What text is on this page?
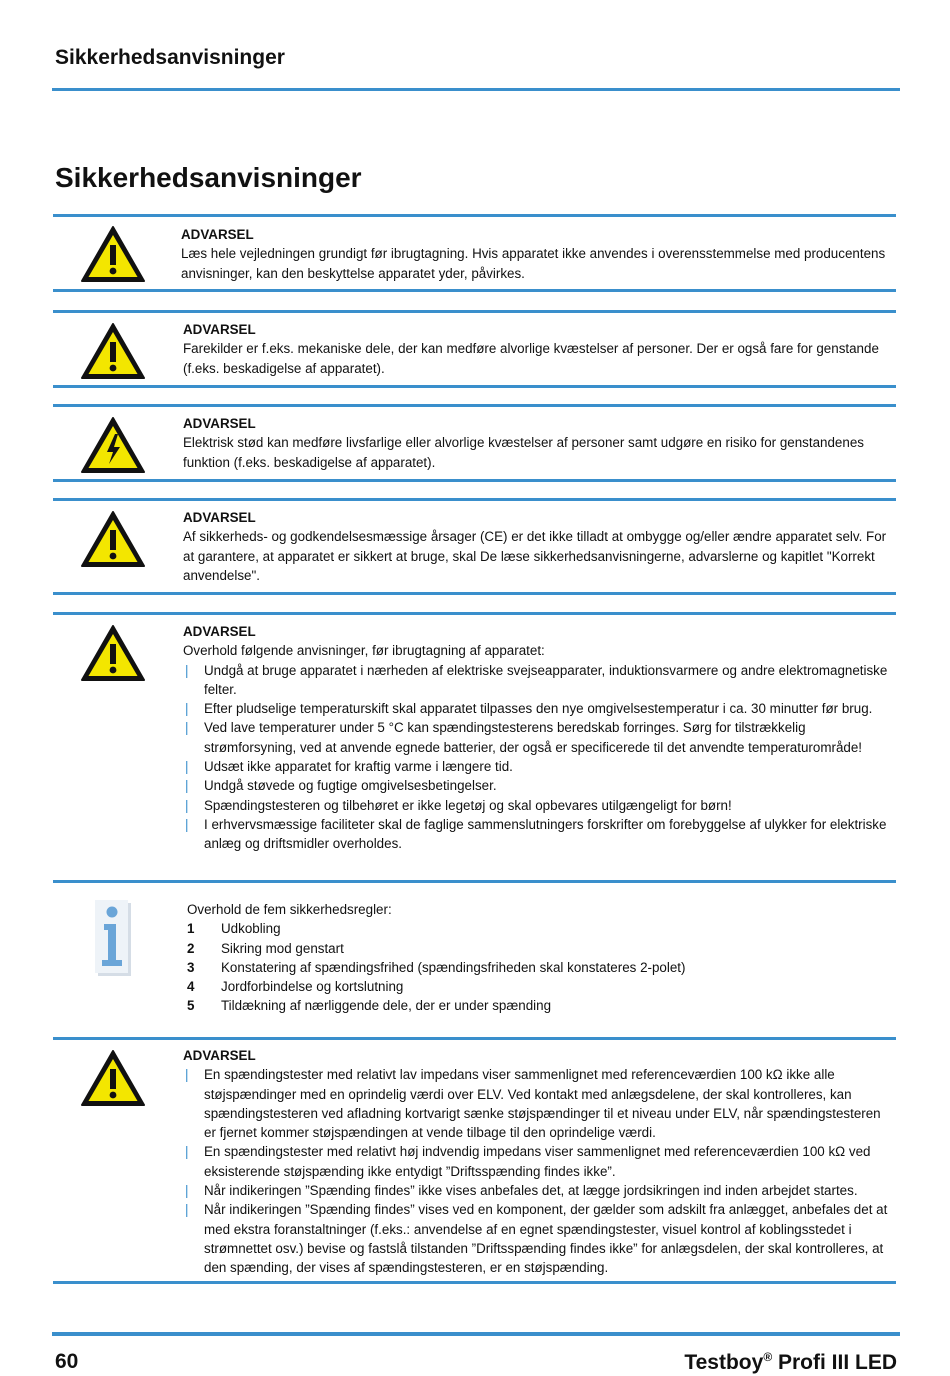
Sikkerhedsanvisninger
Sikkerhedsanvisninger

ADVARSEL

Læs hele vejledningen grundigt før ibrugtagning. Hvis apparatet ikke anvendes i overensstemmelse med producentens anvisninger, kan den beskyttelse apparatet yder, påvirkes.

ADVARSEL

Farekilder er f.eks. mekaniske dele, der kan medføre alvorlige kvæstelser af personer. Der er også fare for genstande (f.eks. beskadigelse af apparatet).

ADVARSEL

Elektrisk stød kan medføre livsfarlige eller alvorlige kvæstelser af personer samt udgøre en risiko for genstandenes funktion (f.eks. beskadigelse af apparatet).

ADVARSEL

Af sikkerheds- og godkendelsesmæssige årsager (CE) er det ikke tilladt at ombygge og/eller ændre apparatet selv. For at garantere, at apparatet er sikkert at bruge, skal De læse sikkerhedsanvisningerne, advarslerne og kapitlet "Korrekt anvendelse".

ADVARSEL

Overhold følgende anvisninger, før ibrugtagning af apparatet:

| Undgå at bruge apparatet i nærheden af elektriske svejseapparater, induktionsvarmere og andre elektromagnetiske felter.
| Efter pludselige temperaturskift skal apparatet tilpasses den nye omgivelsestemperatur i ca. 30 minutter før brug.
| Ved lave temperaturer under 5 °C kan spændingstesterens beredskab forringes. Sørg for tilstrækkelig strømforsyning, ved at anvende egnede batterier, der også er specificerede til det anvendte temperaturområde!
| Udsæt ikke apparatet for kraftig varme i længere tid.
| Undgå støvede og fugtige omgivelsesbetingelser.
| Spændingstesteren og tilbehøret er ikke legetøj og skal opbevares utilgængeligt for børn!
| I erhvervsmæssige faciliteter skal de faglige sammenslutningers forskrifter om forebyggelse af ulykker for elektriske anlæg og driftsmidler overholdes.

Overhold de fem sikkerhedsregler:

1	Udkobling
2	Sikring mod genstart
3	Konstatering af spændingsfrihed (spændingsfriheden skal konstateres 2-polet)
4	Jordforbindelse og kortslutning
5	Tildækning af nærliggende dele, der er under spænding

ADVARSEL

| En spændingstester med relativt lav impedans viser sammenlignet med referenceværdien 100 kΩ ikke alle støjspændinger med en oprindelig værdi over ELV. Ved kontakt med anlægsdelene, der skal kontrolleres, kan spændingstesteren ved afladning kortvarigt sænke støjspændinger til et niveau under ELV, når spændingstesteren er fjernet kommer støjspændingen at vende tilbage til den oprindelige værdi.
| En spændingstester med relativt høj indvendig impedans viser sammenlignet med referenceværdien 100 kΩ ved eksisterende støjspænding ikke entydigt ”Driftsspænding findes ikke”.
| Når indikeringen ”Spænding findes” ikke vises anbefales det, at lægge jordsikringen ind inden arbejdet startes.
| Når indikeringen ”Spænding findes” vises ved en komponent, der gælder som adskilt fra anlægget, anbefales det at med ekstra foranstaltninger (f.eks.: anvendelse af en egnet spændingstester, visuel kontrol af koblingsstedet i strømnettet osv.) bevise og fastslå tilstanden ”Driftsspænding findes ikke” for anlægsdelen, der skal kontrolleres, at den spænding, der vises af spændingstesteren, er en støjspænding.
60	Testboy® Profi III LED
